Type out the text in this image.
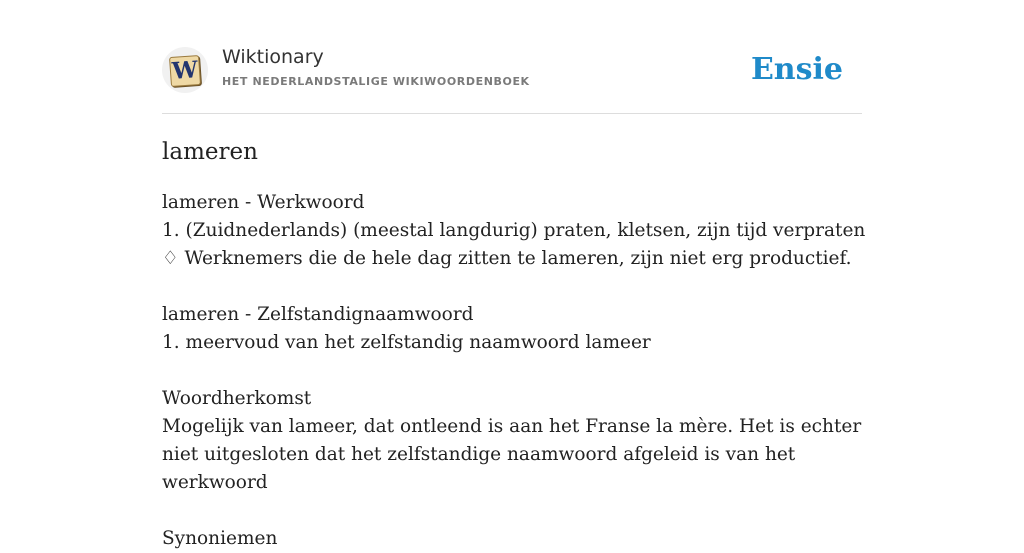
W Wiktionary
HET NEDERLANDSTALIGE WIKIWOORDENBOEK	Ensie
lameren
lameren - Werkwoord
1. (Zuidnederlands) (meestal langdurig) praten, kletsen, zijn tijd verpraten
♢ Werknemers die de hele dag zitten te lameren, zijn niet erg productief.
lameren - Zelfstandignaamwoord
1. meervoud van het zelfstandig naamwoord lameer
Woordherkomst
Mogelijk van lameer, dat ontleend is aan het Franse la mère. Het is echter niet uitgesloten dat het zelfstandige naamwoord afgeleid is van het werkwoord
Synoniemen
